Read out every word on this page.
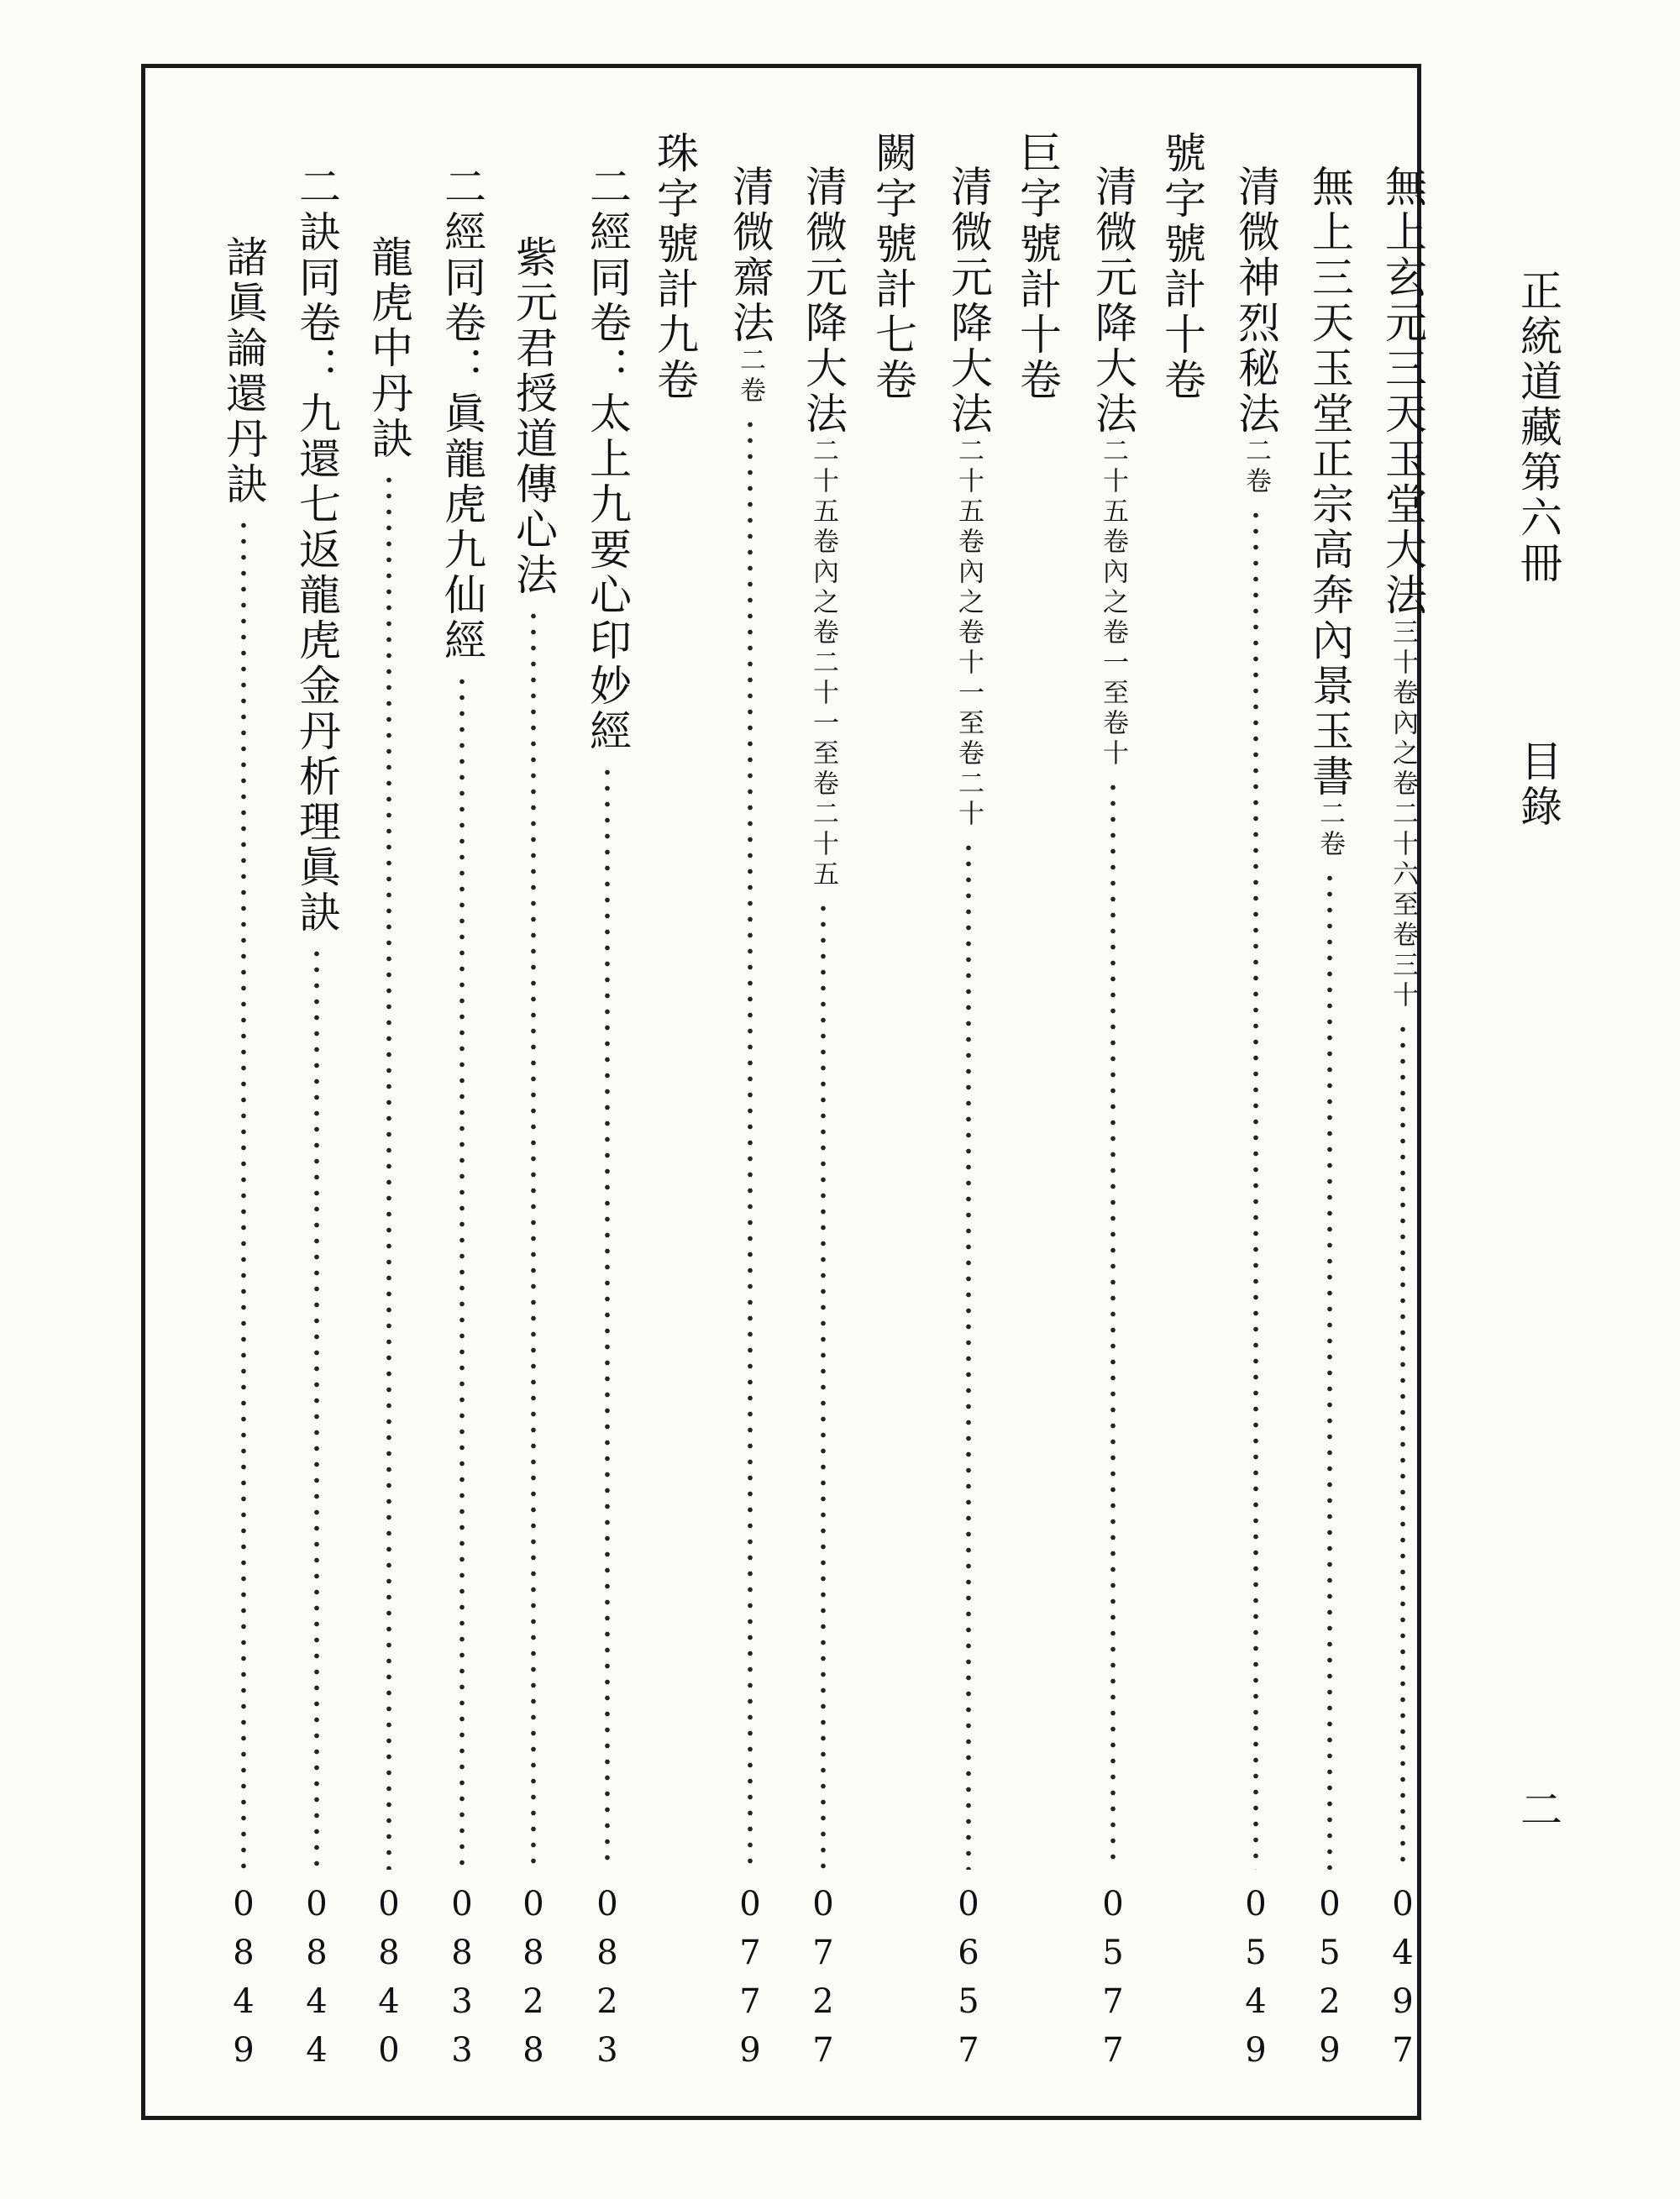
正統道藏第六冊
目錄
二
無上玄元三天玉堂大法三十卷內之卷二十六至卷三十
0
4
9
7
無上三天玉堂正宗高奔內景玉書二卷
0
5
2
9
清微神烈秘法二卷
0
5
4
9
號字號計十卷
清微元降大法二十五卷內之卷一至卷十
0
5
7
7
巨字號計十卷
清微元降大法二十五卷內之卷十一至卷二十
0
6
5
7
闕字號計七卷
清微元降大法二十五卷內之卷二十一至卷二十五
0
7
2
7
清微齋法二卷
0
7
7
9
珠字號計九卷
二經同卷：太上九要心印妙經
0
8
2
3
紫元君授道傳心法
0
8
2
8
二經同卷：眞龍虎九仙經
0
8
3
3
龍虎中丹訣
0
8
4
0
二訣同卷：九還七返龍虎金丹析理眞訣
0
8
4
4
諸眞論還丹訣
0
8
4
9
